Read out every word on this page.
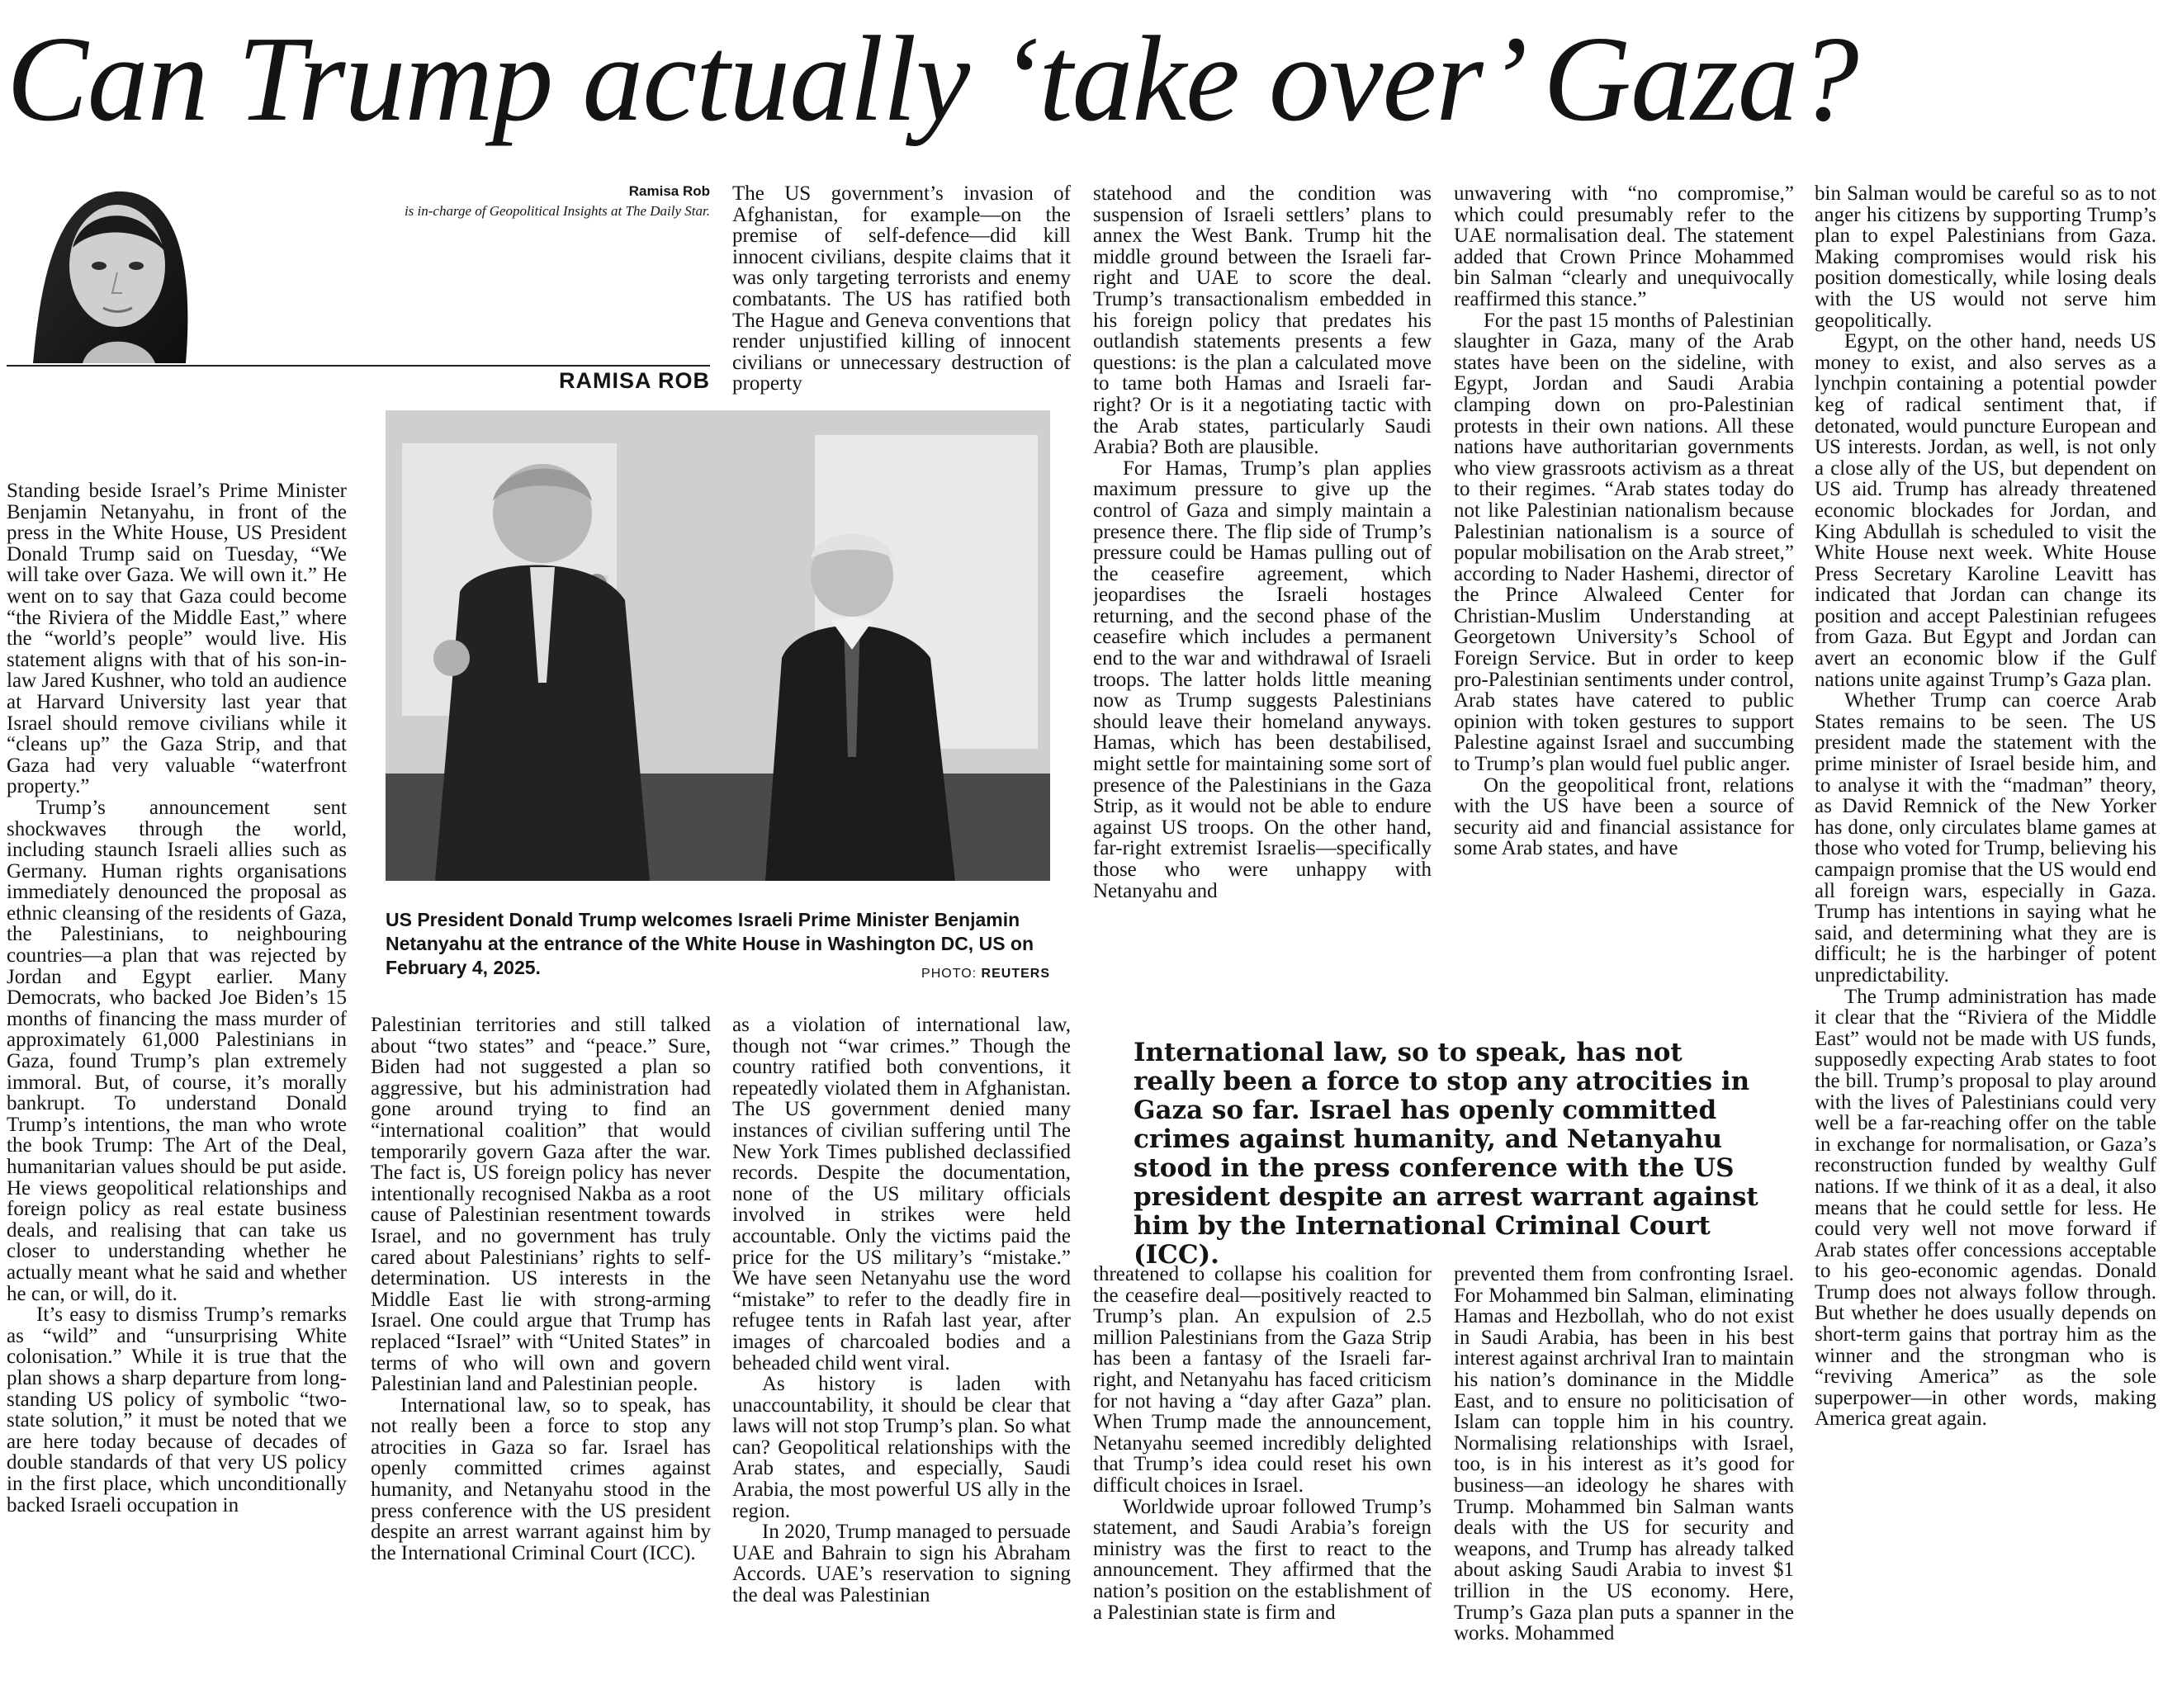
Can Trump actually ‘take over’ Gaza?
Ramisa Rob
is in-charge of Geopolitical Insights at The Daily Star.
RAMISA ROB

Standing beside Israel’s Prime Minister Benjamin Netanyahu, in front of the press in the White House, US President Donald Trump said on Tuesday, “We will take over Gaza. We will own it.” He went on to say that Gaza could become “the Riviera of the Middle East,” where the “world’s people” would live. His statement aligns with that of his son-in-law Jared Kushner, who told an audience at Harvard University last year that Israel should remove civilians while it “cleans up” the Gaza Strip, and that Gaza had very valuable “waterfront property.”

Trump’s announcement sent shockwaves through the world, including staunch Israeli allies such as Germany. Human rights organisations immediately denounced the proposal as ethnic cleansing of the residents of Gaza, the Palestinians, to neighbouring countries—a plan that was rejected by Jordan and Egypt earlier. Many Democrats, who backed Joe Biden’s 15 months of financing the mass murder of approximately 61,000 Palestinians in Gaza, found Trump’s plan extremely immoral. But, of course, it’s morally bankrupt. To understand Donald Trump’s intentions, the man who wrote the book Trump: The Art of the Deal, humanitarian values should be put aside. He views geopolitical relationships and foreign policy as real estate business deals, and realising that can take us closer to understanding whether he actually meant what he said and whether he can, or will, do it.

It’s easy to dismiss Trump’s remarks as “wild” and “unsurprising White colonisation.” While it is true that the plan shows a sharp departure from long-standing US policy of symbolic “two-state solution,” it must be noted that we are here today because of decades of double standards of that very US policy in the first place, which unconditionally backed Israeli occupation in

US President Donald Trump welcomes Israeli Prime Minister Benjamin Netanyahu at the entrance of the White House in Washington DC, US on February 4, 2025.	PHOTO: REUTERS

Palestinian territories and still talked about “two states” and “peace.” Sure, Biden had not suggested a plan so aggressive, but his administration had gone around trying to find an “international coalition” that would temporarily govern Gaza after the war. The fact is, US foreign policy has never intentionally recognised Nakba as a root cause of Palestinian resentment towards Israel, and no government has truly cared about Palestinians’ rights to self-determination. US interests in the Middle East lie with strong-arming Israel. One could argue that Trump has replaced “Israel” with “United States” in terms of who will own and govern Palestinian land and Palestinian people.

International law, so to speak, has not really been a force to stop any atrocities in Gaza so far. Israel has openly committed crimes against humanity, and Netanyahu stood in the press conference with the US president despite an arrest warrant against him by the International Criminal Court (ICC).

The US government’s invasion of Afghanistan, for example—on the premise of self-defence—did kill innocent civilians, despite claims that it was only targeting terrorists and enemy combatants. The US has ratified both The Hague and Geneva conventions that render unjustified killing of innocent civilians or unnecessary destruction of property

as a violation of international law, though not “war crimes.” Though the country ratified both conventions, it repeatedly violated them in Afghanistan. The US government denied many instances of civilian suffering until The New York Times published declassified records. Despite the documentation, none of the US military officials involved in strikes were held accountable. Only the victims paid the price for the US military’s “mistake.” We have seen Netanyahu use the word “mistake” to refer to the deadly fire in refugee tents in Rafah last year, after images of charcoaled bodies and a beheaded child went viral.

As history is laden with unaccountability, it should be clear that laws will not stop Trump’s plan. So what can? Geopolitical relationships with the Arab states, and especially, Saudi Arabia, the most powerful US ally in the region.

In 2020, Trump managed to persuade UAE and Bahrain to sign his Abraham Accords. UAE’s reservation to signing the deal was Palestinian

statehood and the condition was suspension of Israeli settlers’ plans to annex the West Bank. Trump hit the middle ground between the Israeli far-right and UAE to score the deal. Trump’s transactionalism embedded in his foreign policy that predates his outlandish statements presents a few questions: is the plan a calculated move to tame both Hamas and Israeli far-right? Or is it a negotiating tactic with the Arab states, particularly Saudi Arabia? Both are plausible.

For Hamas, Trump’s plan applies maximum pressure to give up the control of Gaza and simply maintain a presence there. The flip side of Trump’s pressure could be Hamas pulling out of the ceasefire agreement, which jeopardises the Israeli hostages returning, and the second phase of the ceasefire which includes a permanent end to the war and withdrawal of Israeli troops. The latter holds little meaning now as Trump suggests Palestinians should leave their homeland anyways. Hamas, which has been destabilised, might settle for maintaining some sort of presence of the Palestinians in the Gaza Strip, as it would not be able to endure against US troops. On the other hand, far-right extremist Israelis—specifically those who were unhappy with Netanyahu and

International law, so to speak, has not really been a force to stop any atrocities in Gaza so far. Israel has openly committed crimes against humanity, and Netanyahu stood in the press conference with the US president despite an arrest warrant against him by the International Criminal Court (ICC).

threatened to collapse his coalition for the ceasefire deal—positively reacted to Trump’s plan. An expulsion of 2.5 million Palestinians from the Gaza Strip has been a fantasy of the Israeli far-right, and Netanyahu has faced criticism for not having a “day after Gaza” plan. When Trump made the announcement, Netanyahu seemed incredibly delighted that Trump’s idea could reset his own difficult choices in Israel.

Worldwide uproar followed Trump’s statement, and Saudi Arabia’s foreign ministry was the first to react to the announcement. They affirmed that the nation’s position on the establishment of a Palestinian state is firm and

unwavering with “no compromise,” which could presumably refer to the UAE normalisation deal. The statement added that Crown Prince Mohammed bin Salman “clearly and unequivocally reaffirmed this stance.”

For the past 15 months of Palestinian slaughter in Gaza, many of the Arab states have been on the sideline, with Egypt, Jordan and Saudi Arabia clamping down on pro-Palestinian protests in their own nations. All these nations have authoritarian governments who view grassroots activism as a threat to their regimes. “Arab states today do not like Palestinian nationalism because Palestinian nationalism is a source of popular mobilisation on the Arab street,” according to Nader Hashemi, director of the Prince Alwaleed Center for Christian-Muslim Understanding at Georgetown University’s School of Foreign Service. But in order to keep pro-Palestinian sentiments under control, Arab states have catered to public opinion with token gestures to support Palestine against Israel and succumbing to Trump’s plan would fuel public anger.

On the geopolitical front, relations with the US have been a source of security aid and financial assistance for some Arab states, and have

prevented them from confronting Israel. For Mohammed bin Salman, eliminating Hamas and Hezbollah, who do not exist in Saudi Arabia, has been in his best interest against archrival Iran to maintain his nation’s dominance in the Middle East, and to ensure no politicisation of Islam can topple him in his country. Normalising relationships with Israel, too, is in his interest as it’s good for business—an ideology he shares with Trump. Mohammed bin Salman wants deals with the US for security and weapons, and Trump has already talked about asking Saudi Arabia to invest $1 trillion in the US economy. Here, Trump’s Gaza plan puts a spanner in the works. Mohammed

bin Salman would be careful so as to not anger his citizens by supporting Trump’s plan to expel Palestinians from Gaza. Making compromises would risk his position domestically, while losing deals with the US would not serve him geopolitically.

Egypt, on the other hand, needs US money to exist, and also serves as a lynchpin containing a potential powder keg of radical sentiment that, if detonated, would puncture European and US interests. Jordan, as well, is not only a close ally of the US, but dependent on US aid. Trump has already threatened economic blockades for Jordan, and King Abdullah is scheduled to visit the White House next week. White House Press Secretary Karoline Leavitt has indicated that Jordan can change its position and accept Palestinian refugees from Gaza. But Egypt and Jordan can avert an economic blow if the Gulf nations unite against Trump’s Gaza plan.

Whether Trump can coerce Arab States remains to be seen. The US president made the statement with the prime minister of Israel beside him, and to analyse it with the “madman” theory, as David Remnick of the New Yorker has done, only circulates blame games at those who voted for Trump, believing his campaign promise that the US would end all foreign wars, especially in Gaza. Trump has intentions in saying what he said, and determining what they are is difficult; he is the harbinger of potent unpredictability.

The Trump administration has made it clear that the “Riviera of the Middle East” would not be made with US funds, supposedly expecting Arab states to foot the bill. Trump’s proposal to play around with the lives of Palestinians could very well be a far-reaching offer on the table in exchange for normalisation, or Gaza’s reconstruction funded by wealthy Gulf nations. If we think of it as a deal, it also means that he could settle for less. He could very well not move forward if Arab states offer concessions acceptable to his geo-economic agendas. Donald Trump does not always follow through. But whether he does usually depends on short-term gains that portray him as the winner and the strongman who is “reviving America” as the sole superpower—in other words, making America great again.
